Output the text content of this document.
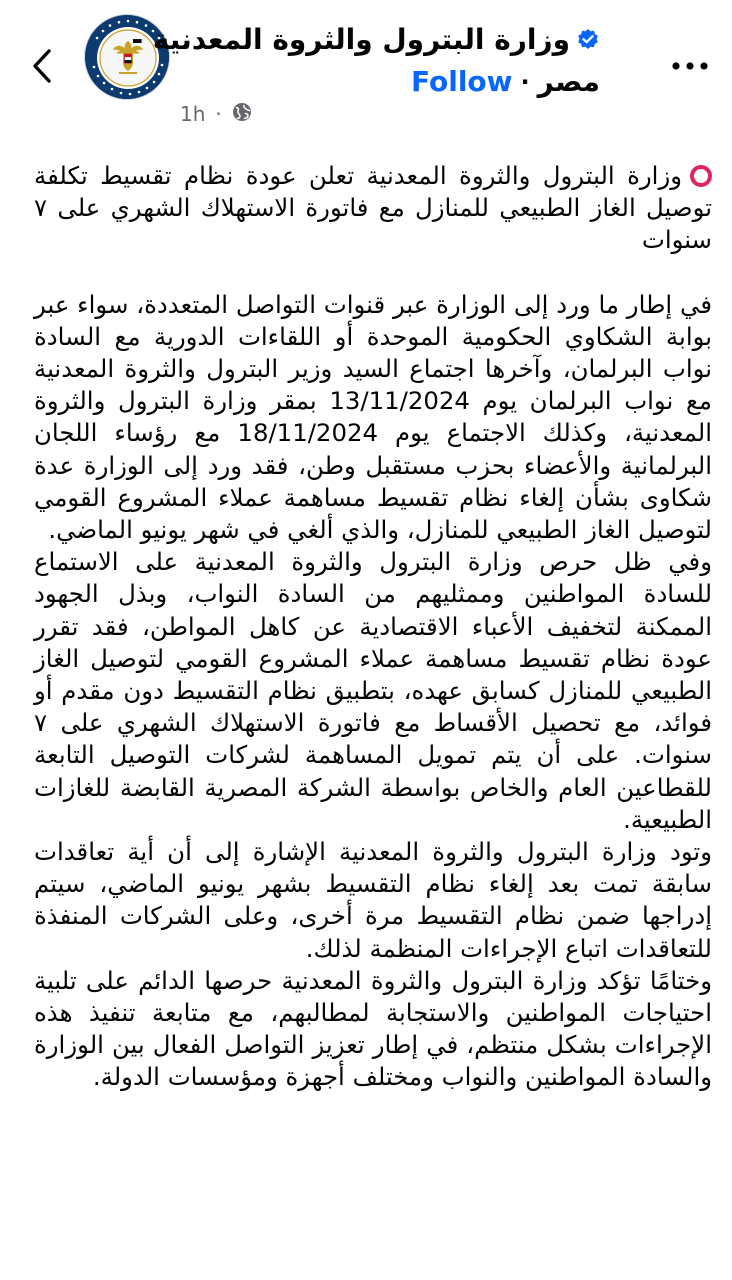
وزارة البترول والثروة المعدنية -
مصر
·
Follow
1h ·

وزارة البترول والثروة المعدنية تعلن عودة نظام تقسيط تكلفة توصيل الغاز الطبيعي للمنازل مع فاتورة الاستهلاك الشهري على ٧ سنوات

في إطار ما ورد إلى الوزارة عبر قنوات التواصل المتعددة، سواء عبر بوابة الشكاوي الحكومية الموحدة أو اللقاءات الدورية مع السادة نواب البرلمان، وآخرها اجتماع السيد وزير البترول والثروة المعدنية مع نواب البرلمان يوم 13/11/2024 بمقر وزارة البترول والثروة المعدنية، وكذلك الاجتماع يوم 18/11/2024 مع رؤساء اللجان البرلمانية والأعضاء بحزب مستقبل وطن، فقد ورد إلى الوزارة عدة شكاوى بشأن إلغاء نظام تقسيط مساهمة عملاء المشروع القومي لتوصيل الغاز الطبيعي للمنازل، والذي ألغي في شهر يونيو الماضي.

وفي ظل حرص وزارة البترول والثروة المعدنية على الاستماع للسادة المواطنين وممثليهم من السادة النواب، وبذل الجهود الممكنة لتخفيف الأعباء الاقتصادية عن كاهل المواطن، فقد تقرر عودة نظام تقسيط مساهمة عملاء المشروع القومي لتوصيل الغاز الطبيعي للمنازل كسابق عهده، بتطبيق نظام التقسيط دون مقدم أو فوائد، مع تحصيل الأقساط مع فاتورة الاستهلاك الشهري على ٧ سنوات. على أن يتم تمويل المساهمة لشركات التوصيل التابعة للقطاعين العام والخاص بواسطة الشركة المصرية القابضة للغازات الطبيعية.

وتود وزارة البترول والثروة المعدنية الإشارة إلى أن أية تعاقدات سابقة تمت بعد إلغاء نظام التقسيط بشهر يونيو الماضي، سيتم إدراجها ضمن نظام التقسيط مرة أخرى، وعلى الشركات المنفذة للتعاقدات اتباع الإجراءات المنظمة لذلك.

وختامًا تؤكد وزارة البترول والثروة المعدنية حرصها الدائم على تلبية احتياجات المواطنين والاستجابة لمطالبهم، مع متابعة تنفيذ هذه الإجراءات بشكل منتظم، في إطار تعزيز التواصل الفعال بين الوزارة والسادة المواطنين والنواب ومختلف أجهزة ومؤسسات الدولة.
